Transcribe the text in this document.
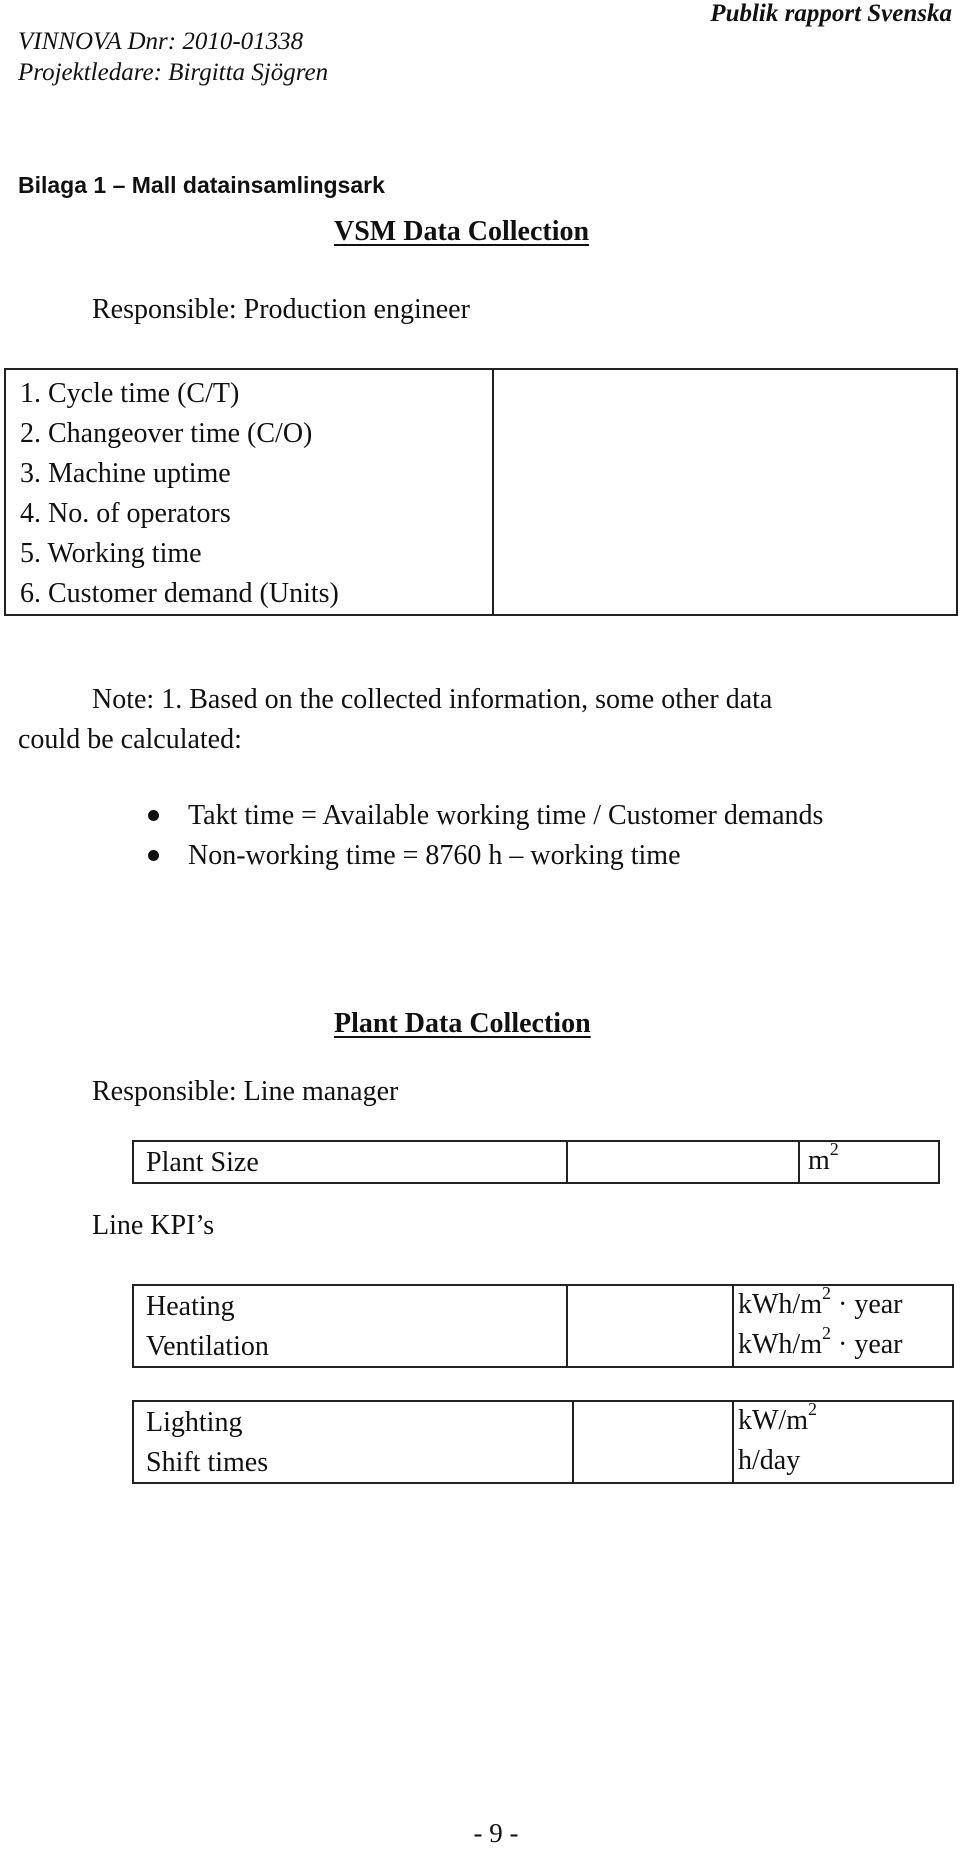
VINNOVA Dnr: 2010-01338
Projektledare: Birgitta Sjögren
Publik rapport Svenska
Bilaga 1 – Mall datainsamlingsark
VSM Data Collection
Responsible: Production engineer
1. Cycle time (C/T)
2. Changeover time (C/O)
3. Machine uptime
4. No. of operators
5. Working time
6. Customer demand (Units)

Note: 1. Based on the collected information, some other data
could be calculated:
Takt time = Available working time / Customer demands
Non-working time = 8760 h – working time
Plant Data Collection
Responsible: Line manager
Plant Size		$m^2$
Line KPI’s
Heating		kWh/$m^2$ · year
Ventilation		kWh/$m^2$ · year
Lighting		$kW/m^2$
Shift times		h/day
- 9 -
